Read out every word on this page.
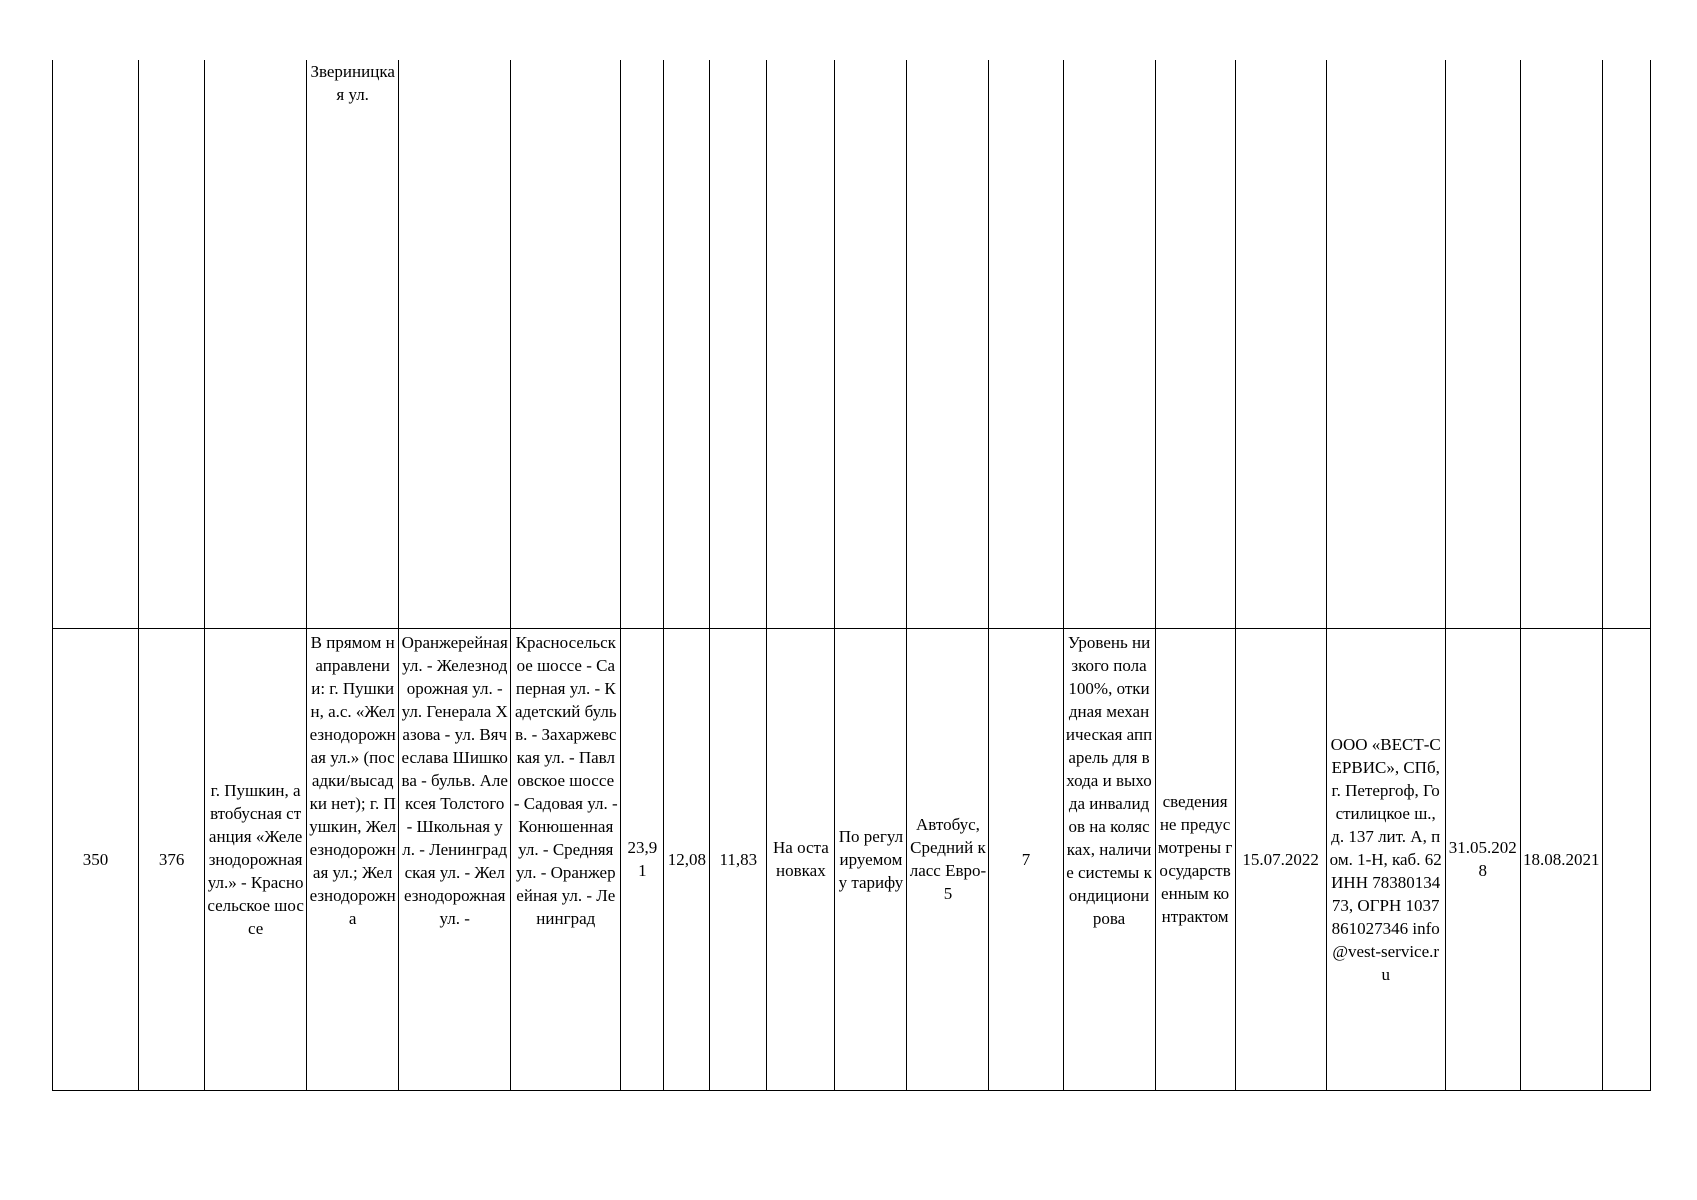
			Звериницкая ул.																
350	376	г. Пушкин, автобусная станция «Железнодорожная ул.» - Красносельское шоссе	В прямом направлении: г. Пушкин, а.с. «Железнодорожная ул.» (посадки/высадки нет); г. Пушкин, Железнодорожная ул.; Железнодорожна	Оранжерейная ул. - Железнодорожная ул. - ул. Генерала Хазова - ул. Вячеслава Шишкова - бульв. Алексея Толстого - Школьная ул. - Ленинградская ул. - Железнодорожная ул. -	Красносельское шоссе - Саперная ул. - Кадетский бульв. - Захаржевская ул. - Павловское шоссе - Садовая ул. - Конюшенная ул. - Средняя ул. - Оранжерейная ул. - Ленинград	23,91	12,08	11,83	На остановках	По регулируемому тарифу	Автобус, Средний класс Евро-5	7	Уровень низкого пола 100%, откидная механическая аппарель для входа и выхода инвалидов на колясках, наличие системы кондиционирова	сведения не предусмотрены государственным контрактом	15.07.2022	ООО «ВЕСТ-СЕРВИС», СПб, г. Петергоф, Гостилицкое ш., д. 137 лит. А, пом. 1-Н, каб. 62 ИНН 7838013473, ОГРН 1037861027346 info@vest-service.ru	31.05.2028	18.08.2021	
